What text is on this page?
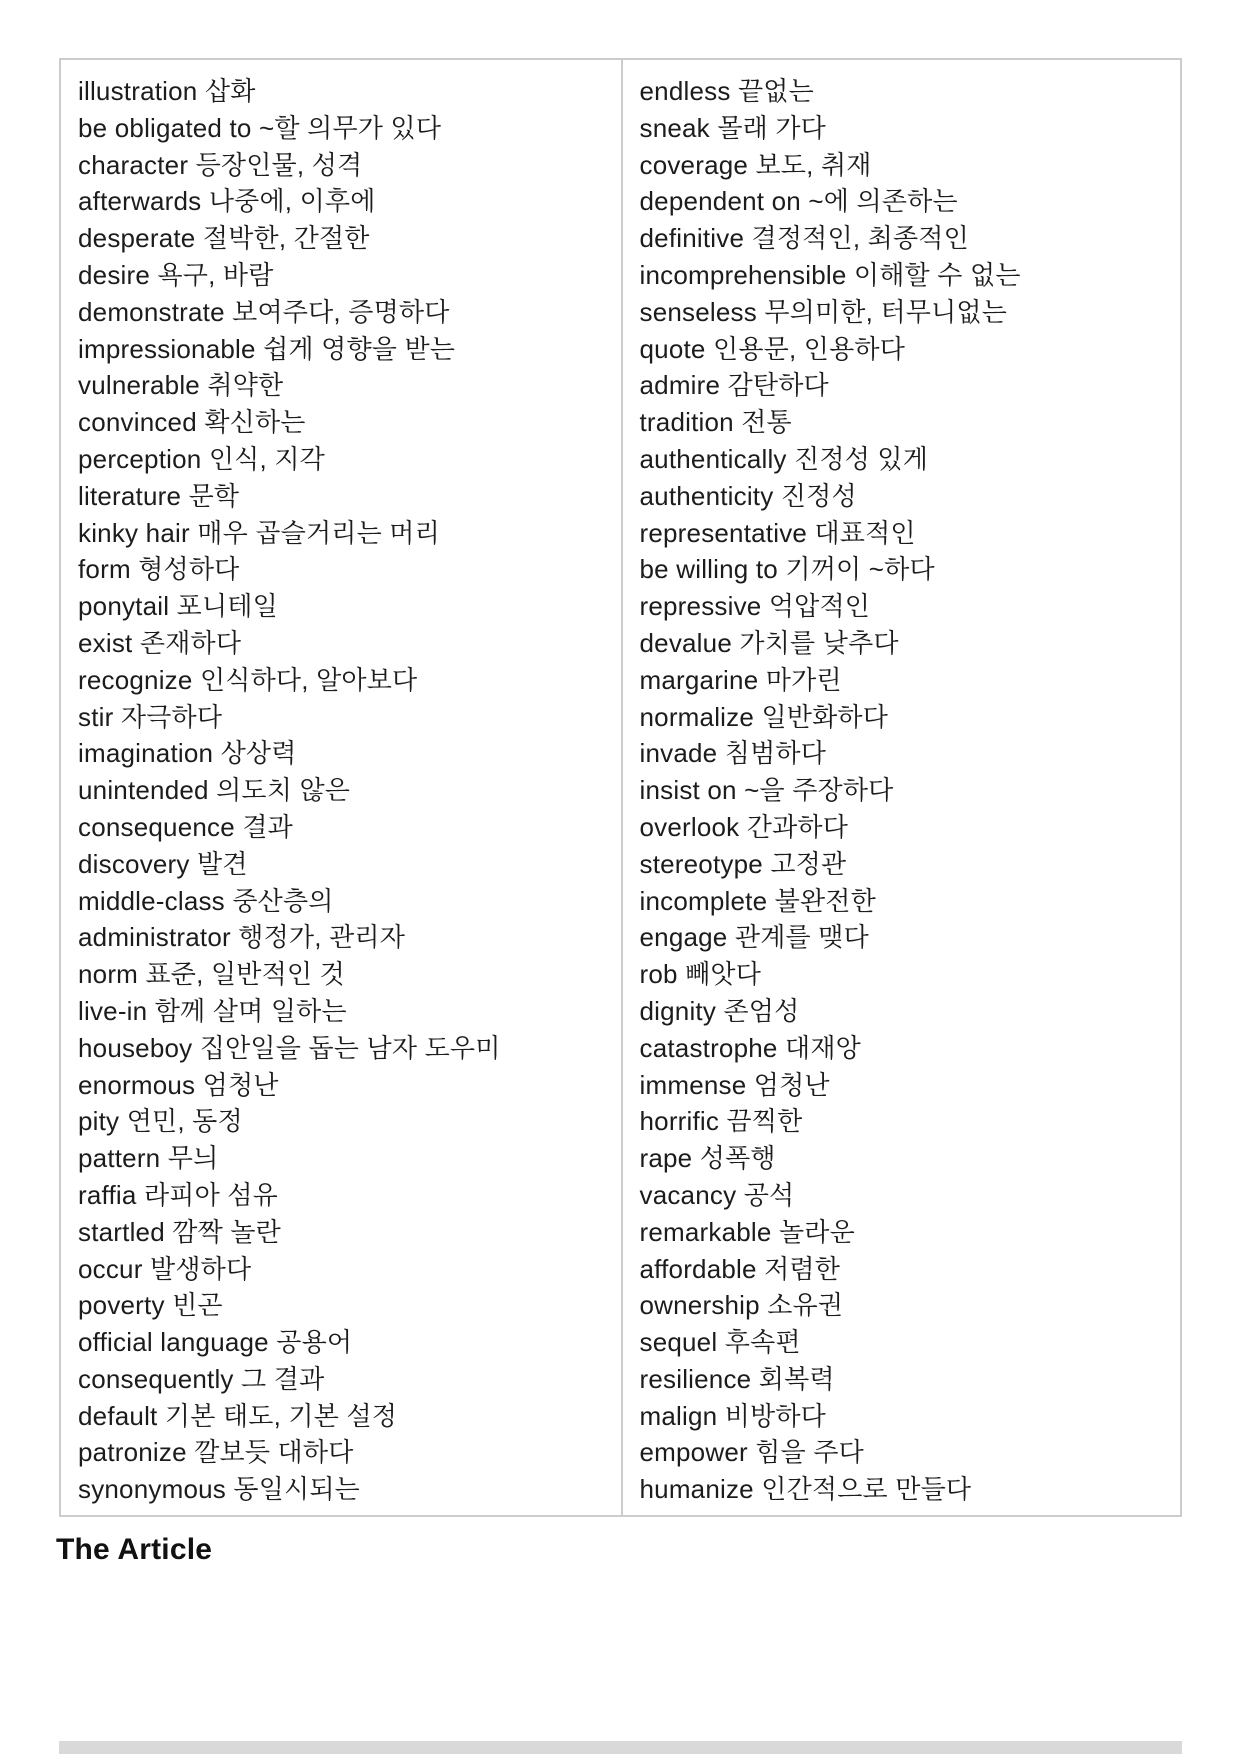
illustration 삽화
be obligated to ~할 의무가 있다
character 등장인물, 성격
afterwards 나중에, 이후에
desperate 절박한, 간절한
desire 욕구, 바람
demonstrate 보여주다, 증명하다
impressionable 쉽게 영향을 받는
vulnerable 취약한
convinced 확신하는
perception 인식, 지각
literature 문학
kinky hair 매우 곱슬거리는 머리
form 형성하다
ponytail 포니테일
exist 존재하다
recognize 인식하다, 알아보다
stir 자극하다
imagination 상상력
unintended 의도치 않은
consequence 결과
discovery 발견
middle-class 중산층의
administrator 행정가, 관리자
norm 표준, 일반적인 것
live-in 함께 살며 일하는
houseboy 집안일을 돕는 남자 도우미
enormous 엄청난
pity 연민, 동정
pattern 무늬
raffia 라피아 섬유
startled 깜짝 놀란
occur 발생하다
poverty 빈곤
official language 공용어
consequently 그 결과
default 기본 태도, 기본 설정
patronize 깔보듯 대하다
synonymous 동일시되는
endless 끝없는
sneak 몰래 가다
coverage 보도, 취재
dependent on ~에 의존하는
definitive 결정적인, 최종적인
incomprehensible 이해할 수 없는
senseless 무의미한, 터무니없는
quote 인용문, 인용하다
admire 감탄하다
tradition 전통
authentically 진정성 있게
authenticity 진정성
representative 대표적인
be willing to 기꺼이 ~하다
repressive 억압적인
devalue 가치를 낮추다
margarine 마가린
normalize 일반화하다
invade 침범하다
insist on ~을 주장하다
overlook 간과하다
stereotype 고정관
incomplete 불완전한
engage 관계를 맺다
rob 빼앗다
dignity 존엄성
catastrophe 대재앙
immense 엄청난
horrific 끔찍한
rape 성폭행
vacancy 공석
remarkable 놀라운
affordable 저렴한
ownership 소유권
sequel 후속편
resilience 회복력
malign 비방하다
empower 힘을 주다
humanize 인간적으로 만들다
The Article
